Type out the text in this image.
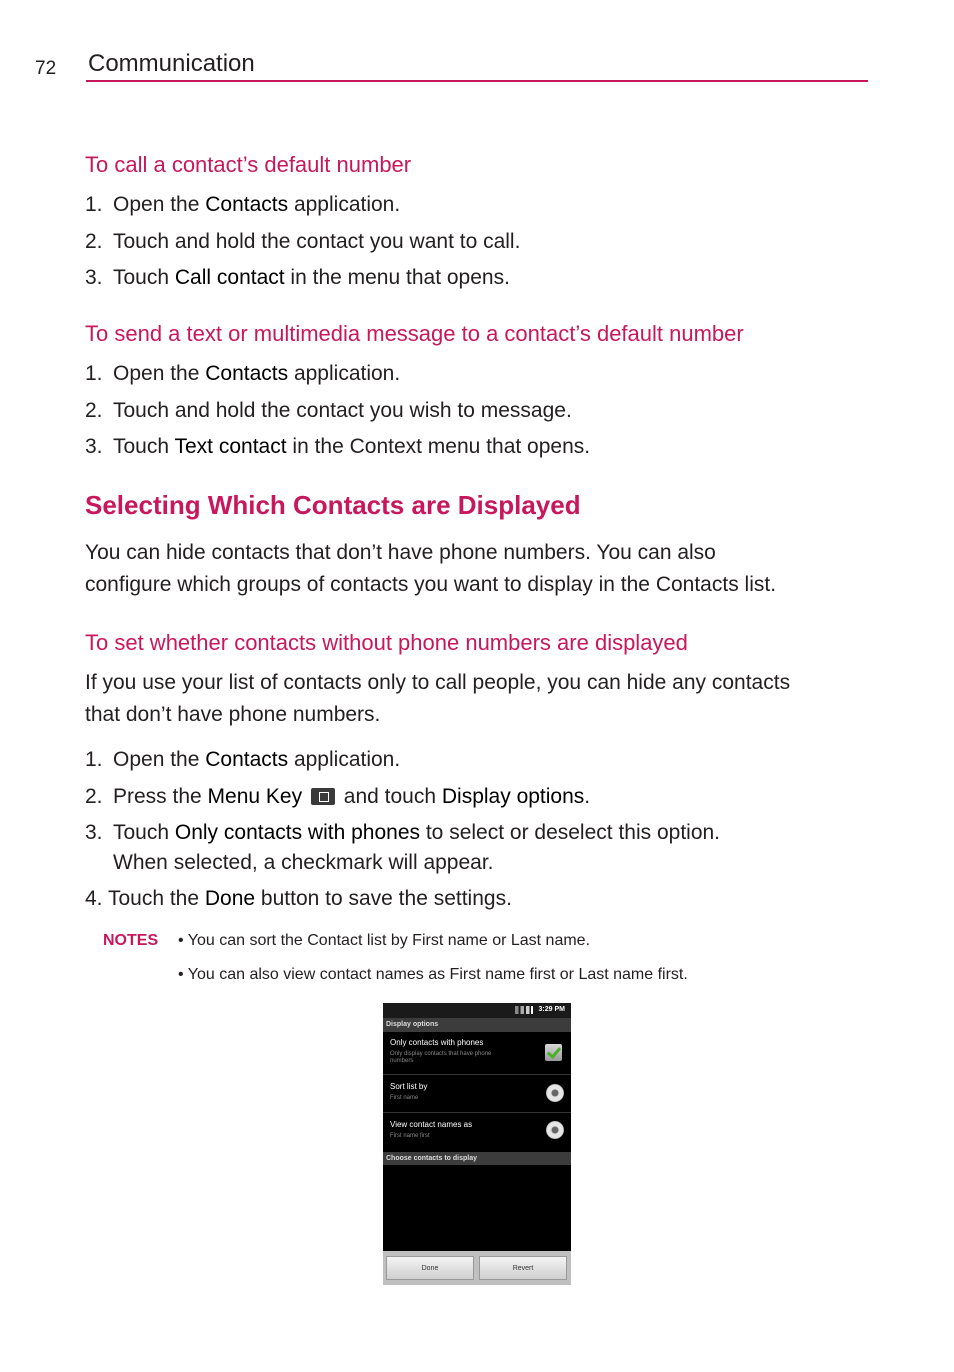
72 Communication
To call a contact’s default number
1. Open the Contacts application.
2. Touch and hold the contact you want to call.
3. Touch Call contact in the menu that opens.
To send a text or multimedia message to a contact’s default number
1. Open the Contacts application.
2. Touch and hold the contact you wish to message.
3. Touch Text contact in the Context menu that opens.
Selecting Which Contacts are Displayed
You can hide contacts that don’t have phone numbers. You can also
configure which groups of contacts you want to display in the Contacts list.
To set whether contacts without phone numbers are displayed
If you use your list of contacts only to call people, you can hide any contacts
that don’t have phone numbers.
1. Open the Contacts application.
2. Press the Menu Key  and touch Display options.
3. Touch Only contacts with phones to select or deselect this option.
When selected, a checkmark will appear.
4. Touch the Done button to save the settings.
NOTES • You can sort the Contact list by First name or Last name.
• You can also view contact names as First name first or Last name first.
3:29 PM
Display options
Only contacts with phones
Only display contacts that have phone
numbers
Sort list by
First name
View contact names as
First name first
Choose contacts to display
Done	Revert
